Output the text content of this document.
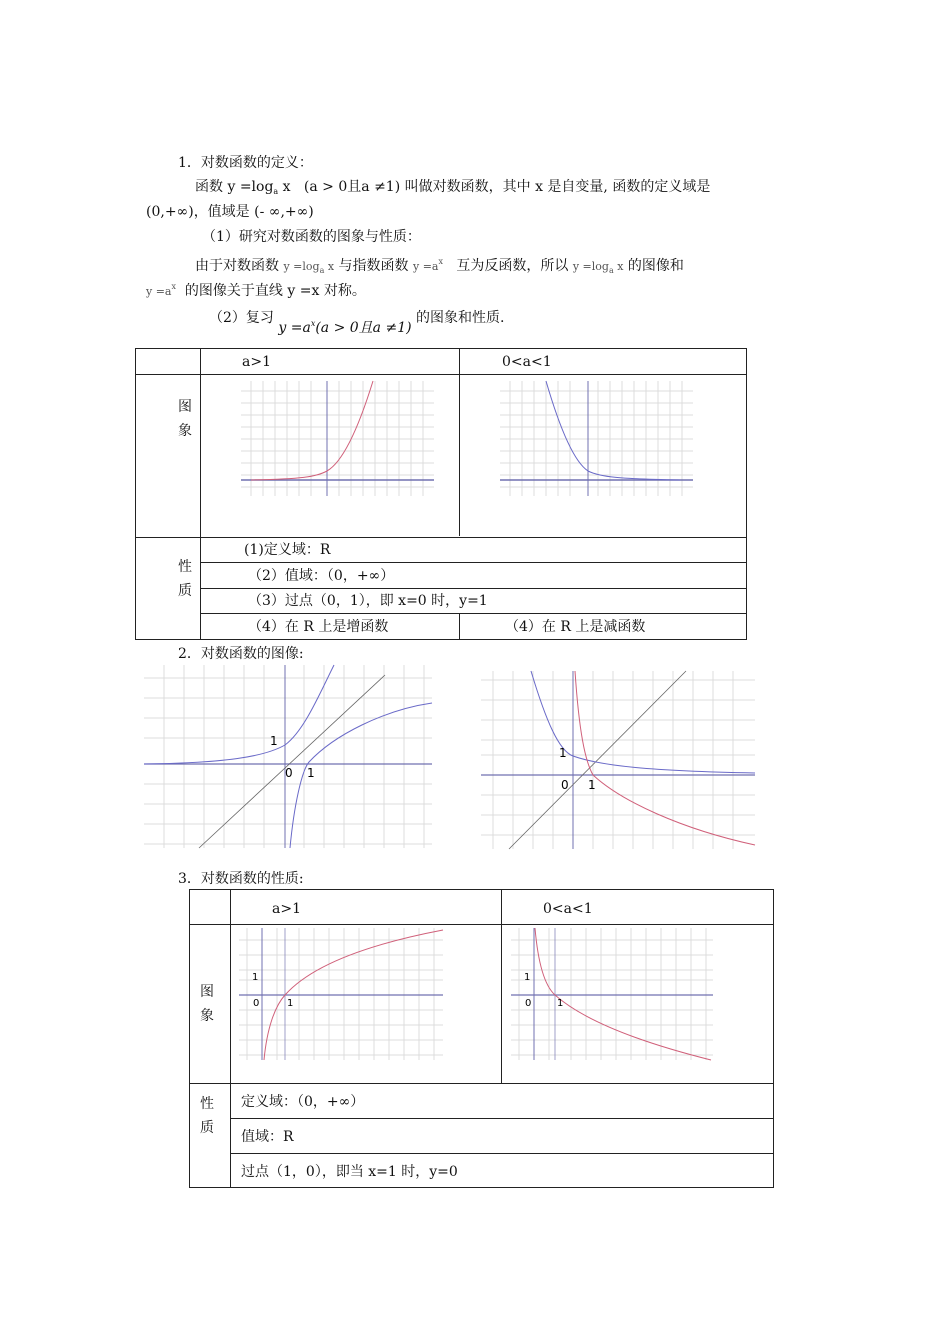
1．对数函数的定义：
函数 $y =\log_a$ x (a > 0且a ≠1) 叫做对数函数，其中 x 是自变量, 函数的定义域是
(0,+∞)，值域是 (- ∞,+∞)
（1）研究对数函数的图象与性质：
由于对数函数 $y =\log_a$ x 与指数函数 $y =a^x$ 互为反函数，所以 $y =\log_a$ x 的图像和
$y =a^x$ 的图像关于直线 y =x 对称。
（2）复习 $y =a^x(a > 0$且a ≠1) 的图象和性质.
a>1	0<a<1
图
象
性
质
(1)定义域：R
（2）值域：（0，+∞）
（3）过点（0，1），即 x=0 时，y=1
（4）在 R 上是增函数	（4）在 R 上是减函数
2．对数函数的图像:
1
0 1
1
0 1
3．对数函数的性质:
a>1	0<a<1
图
象
性
质
定义域：（0，+∞）
值域：R
过点（1，0），即当 x=1 时，y=0
1
0	1
1
0	1
